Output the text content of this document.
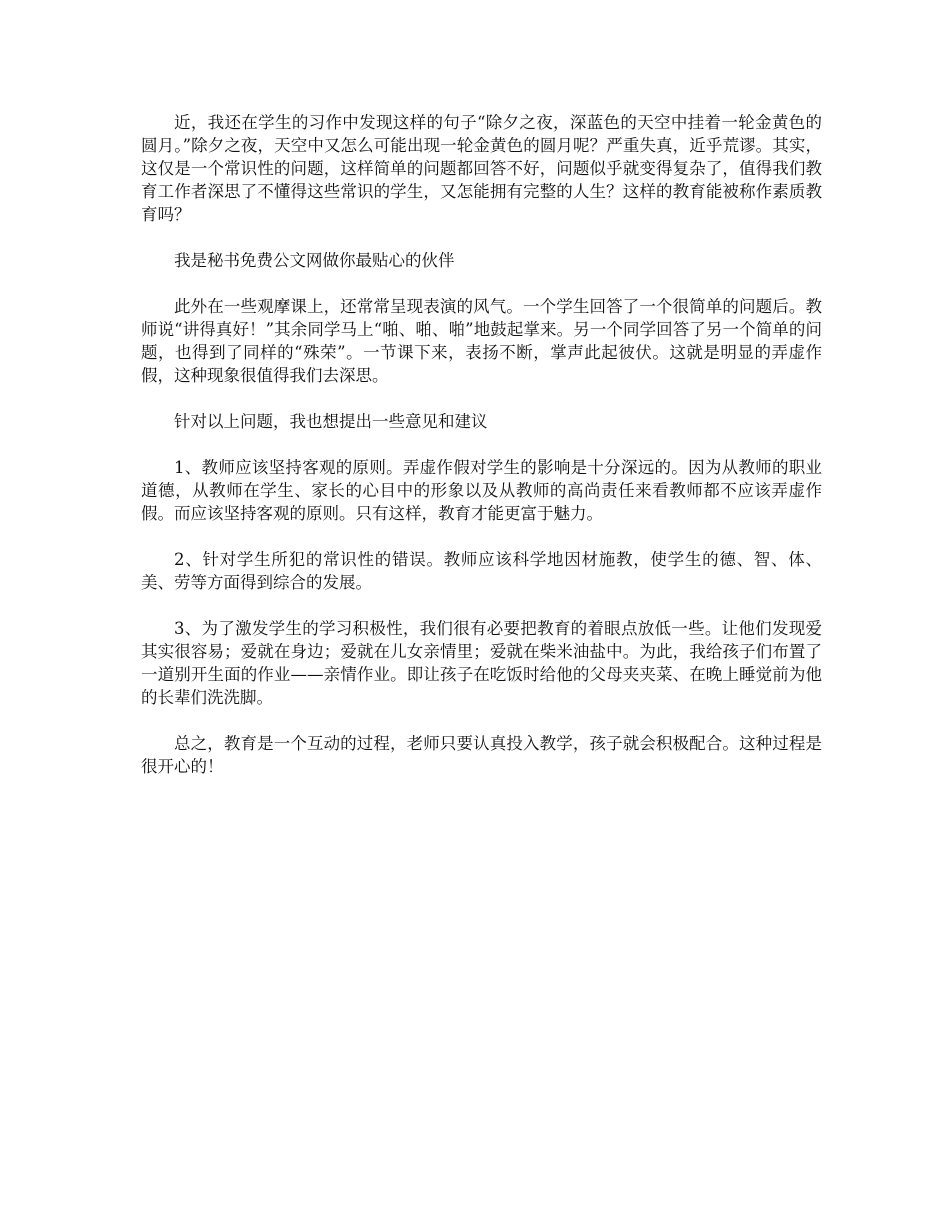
近，我还在学生的习作中发现这样的句子“除夕之夜，深蓝色的天空中挂着一轮金黄色的圆月。”除夕之夜，天空中又怎么可能出现一轮金黄色的圆月呢？严重失真，近乎荒谬。其实，这仅是一个常识性的问题，这样简单的问题都回答不好，问题似乎就变得复杂了，值得我们教育工作者深思了不懂得这些常识的学生，又怎能拥有完整的人生？这样的教育能被称作素质教育吗？

我是秘书免费公文网做你最贴心的伙伴

此外在一些观摩课上，还常常呈现表演的风气。一个学生回答了一个很简单的问题后。教师说“讲得真好！”其余同学马上“啪、啪、啪”地鼓起掌来。另一个同学回答了另一个简单的问题，也得到了同样的“殊荣”。一节课下来，表扬不断，掌声此起彼伏。这就是明显的弄虚作假，这种现象很值得我们去深思。

针对以上问题，我也想提出一些意见和建议

1、教师应该坚持客观的原则。弄虚作假对学生的影响是十分深远的。因为从教师的职业道德，从教师在学生、家长的心目中的形象以及从教师的高尚责任来看教师都不应该弄虚作假。而应该坚持客观的原则。只有这样，教育才能更富于魅力。

2、针对学生所犯的常识性的错误。教师应该科学地因材施教，使学生的德、智、体、美、劳等方面得到综合的发展。

3、为了激发学生的学习积极性，我们很有必要把教育的着眼点放低一些。让他们发现爱其实很容易；爱就在身边；爱就在儿女亲情里；爱就在柴米油盐中。为此，我给孩子们布置了一道别开生面的作业——亲情作业。即让孩子在吃饭时给他的父母夹夹菜、在晚上睡觉前为他的长辈们洗洗脚。

总之，教育是一个互动的过程，老师只要认真投入教学，孩子就会积极配合。这种过程是很开心的！
